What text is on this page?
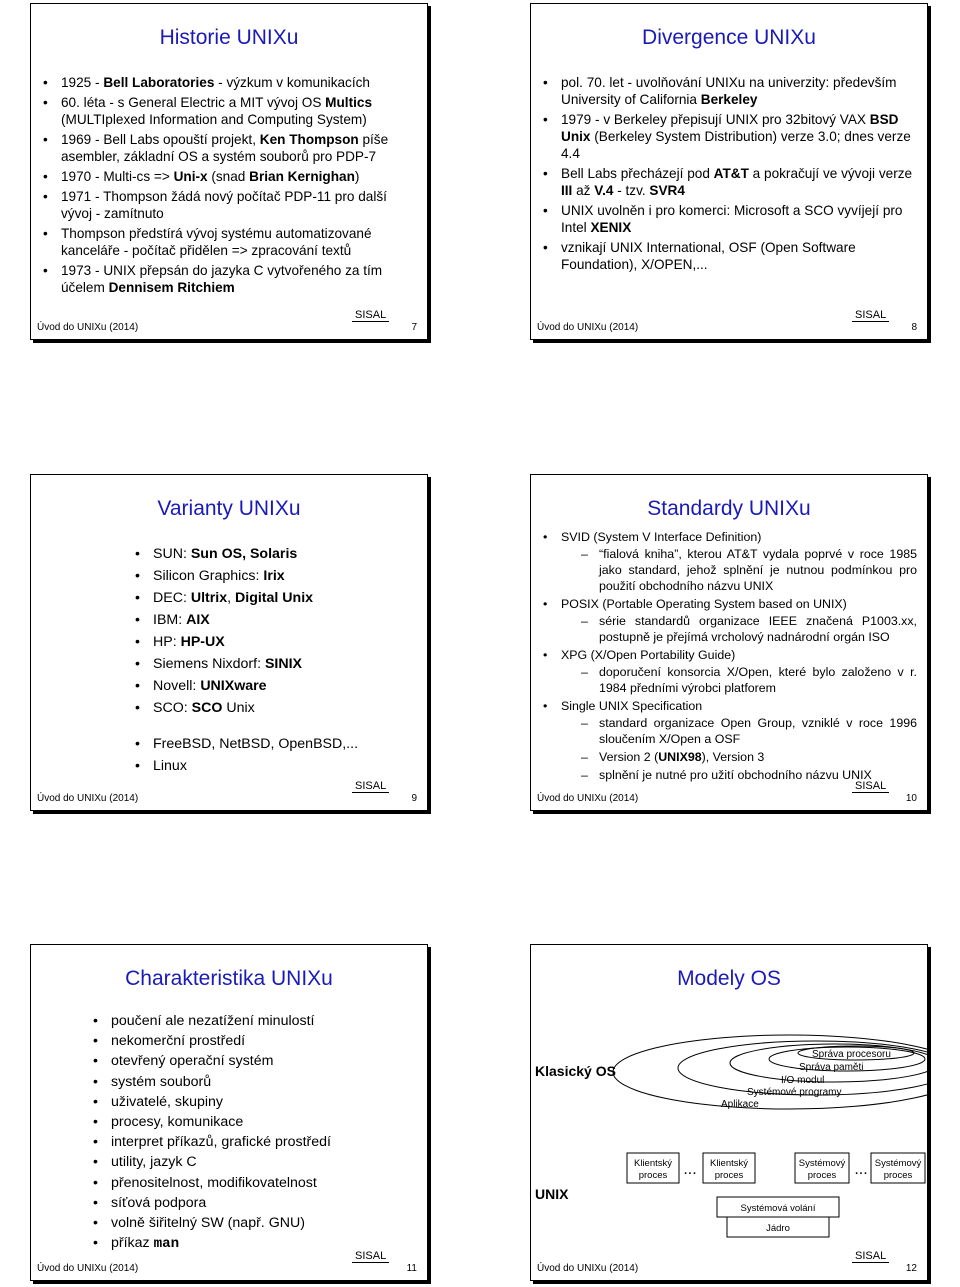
Historie UNIXu
• 1925 - Bell Laboratories - výzkum v komunikacích
• 60. léta - s General Electric a MIT vývoj OS Multics (MULTIplexed Information and Computing System)
• 1969 - Bell Labs opouští projekt, Ken Thompson píše asembler, základní OS a systém souborů pro PDP-7
• 1970 - Multi-cs => Uni-x (snad Brian Kernighan)
• 1971 - Thompson žádá nový počítač PDP-11 pro další vývoj - zamítnuto
• Thompson předstírá vývoj systému automatizované kanceláře - počítač přidělen => zpracování textů
• 1973 - UNIX přepsán do jazyka C vytvořeného za tím účelem Dennisem Ritchiem
Úvod do UNIXu (2014)
SISAL
7
Divergence UNIXu
• pol. 70. let - uvolňování UNIXu na univerzity: především University of California Berkeley
• 1979 - v Berkeley přepisují UNIX pro 32bitový VAX BSD Unix (Berkeley System Distribution) verze 3.0; dnes verze 4.4
• Bell Labs přecházejí pod AT&T a pokračují ve vývoji verze III až V.4 - tzv. SVR4
• UNIX uvolněn i pro komerci: Microsoft a SCO vyvíjejí pro Intel XENIX
• vznikají UNIX International, OSF (Open Software Foundation), X/OPEN,...
Úvod do UNIXu (2014)
SISAL
8
Varianty UNIXu
• SUN: Sun OS, Solaris
• Silicon Graphics: Irix
• DEC: Ultrix, Digital Unix
• IBM: AIX
• HP: HP-UX
• Siemens Nixdorf: SINIX
• Novell: UNIXware
• SCO: SCO Unix
• FreeBSD, NetBSD, OpenBSD,...
• Linux
Úvod do UNIXu (2014)
SISAL
9
Standardy UNIXu
• SVID (System V Interface Definition)
– “fialová kniha”, kterou AT&T vydala poprvé v roce 1985 jako standard, jehož splnění je nutnou podmínkou pro použití obchodního názvu UNIX
• POSIX (Portable Operating System based on UNIX)
– série standardů organizace IEEE značená P1003.xx, postupně je přejímá vrcholový nadnárodní orgán ISO
• XPG (X/Open Portability Guide)
– doporučení konsorcia X/Open, které bylo založeno v r. 1984 předními výrobci platforem
• Single UNIX Specification
– standard organizace Open Group, vzniklé v roce 1996 sloučením X/Open a OSF
– Version 2 (UNIX98), Version 3
– splnění je nutné pro užití obchodního názvu UNIX
Úvod do UNIXu (2014)
SISAL
10
Charakteristika UNIXu
• poučení ale nezatížení minulostí
• nekomerční prostředí
• otevřený operační systém
• systém souborů
• uživatelé, skupiny
• procesy, komunikace
• interpret příkazů, grafické prostředí
• utility, jazyk C
• přenositelnost, modifikovatelnost
• síťová podpora
• volně šiřitelný SW (např. GNU)
• příkaz man
Úvod do UNIXu (2014)
SISAL
11
Modely OS
Klasický OS
Správa procesoru
Správa paměti
I/O modul
Systémové programy
Aplikace
UNIX
Klientský
proces ... Klientský
proces
Systémový
proces ... Systémový
proces
Systémová volání
Jádro
Úvod do UNIXu (2014)
SISAL
12
